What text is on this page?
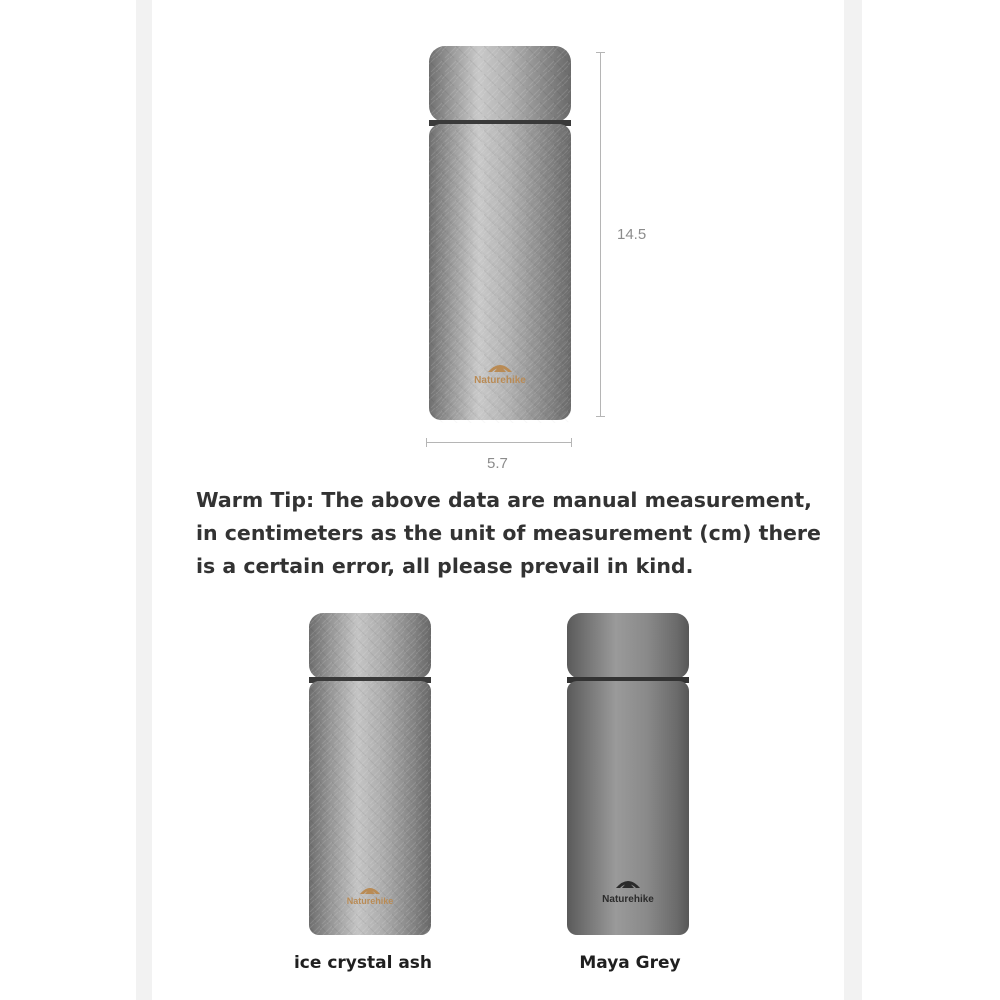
Naturehike
14.5
5.7

Warm Tip: The above data are manual measurement, in centimeters as the unit of measurement (cm) there is a certain error, all please prevail in kind.

Naturehike
ice crystal ash
Naturehike
Maya Grey
